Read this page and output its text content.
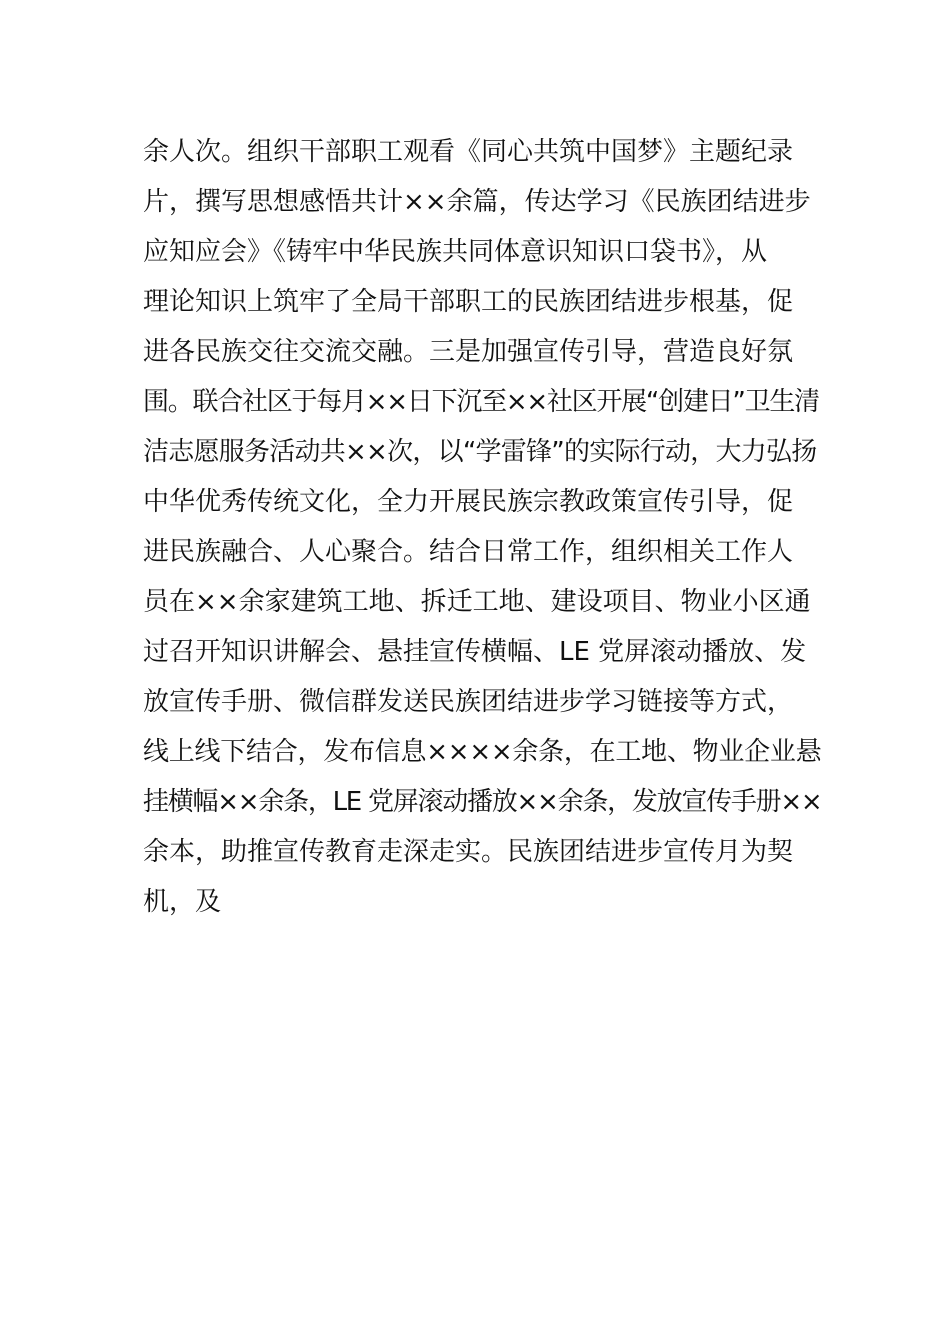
余人次。组织干部职工观看《同心共筑中国梦》主题纪录
片，撰写思想感悟共计××余篇，传达学习《民族团结进步
应知应会》《铸牢中华民族共同体意识知识口袋书》，从
理论知识上筑牢了全局干部职工的民族团结进步根基，促
进各民族交往交流交融。三是加强宣传引导，营造良好氛
围。联合社区于每月××日下沉至××社区开展“创建日”卫生清
洁志愿服务活动共××次，以“学雷锋”的实际行动，大力弘扬
中华优秀传统文化，全力开展民族宗教政策宣传引导，促
进民族融合、人心聚合。结合日常工作，组织相关工作人
员在××余家建筑工地、拆迁工地、建设项目、物业小区通
过召开知识讲解会、悬挂宣传横幅、LE 党屏滚动播放、发
放宣传手册、微信群发送民族团结进步学习链接等方式，
线上线下结合，发布信息××××余条，在工地、物业企业悬
挂横幅××余条，LE 党屏滚动播放××余条，发放宣传手册××
余本，助推宣传教育走深走实。民族团结进步宣传月为契
机，及
